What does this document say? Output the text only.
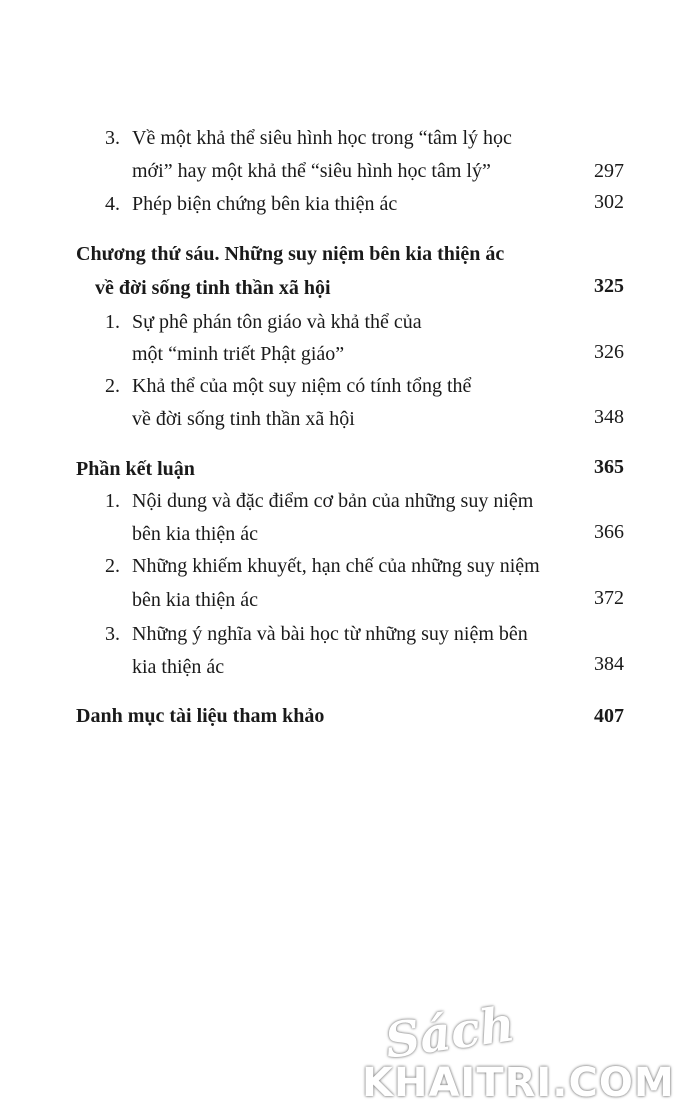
3. Về một khả thể siêu hình học trong “tâm lý học
mới” hay một khả thể “siêu hình học tâm lý”	297
4. Phép biện chứng bên kia thiện ác	302
Chương thứ sáu. Những suy niệm bên kia thiện ác
về đời sống tinh thần xã hội	325
1. Sự phê phán tôn giáo và khả thể của
một “minh triết Phật giáo”	326
2. Khả thể của một suy niệm có tính tổng thể
về đời sống tinh thần xã hội	348
Phần kết luận	365
1. Nội dung và đặc điểm cơ bản của những suy niệm
bên kia thiện ác	366
2. Những khiếm khuyết, hạn chế của những suy niệm
bên kia thiện ác	372
3. Những ý nghĩa và bài học từ những suy niệm bên
kia thiện ác	384
Danh mục tài liệu tham khảo	407
Sách
KHAITRI.COM
